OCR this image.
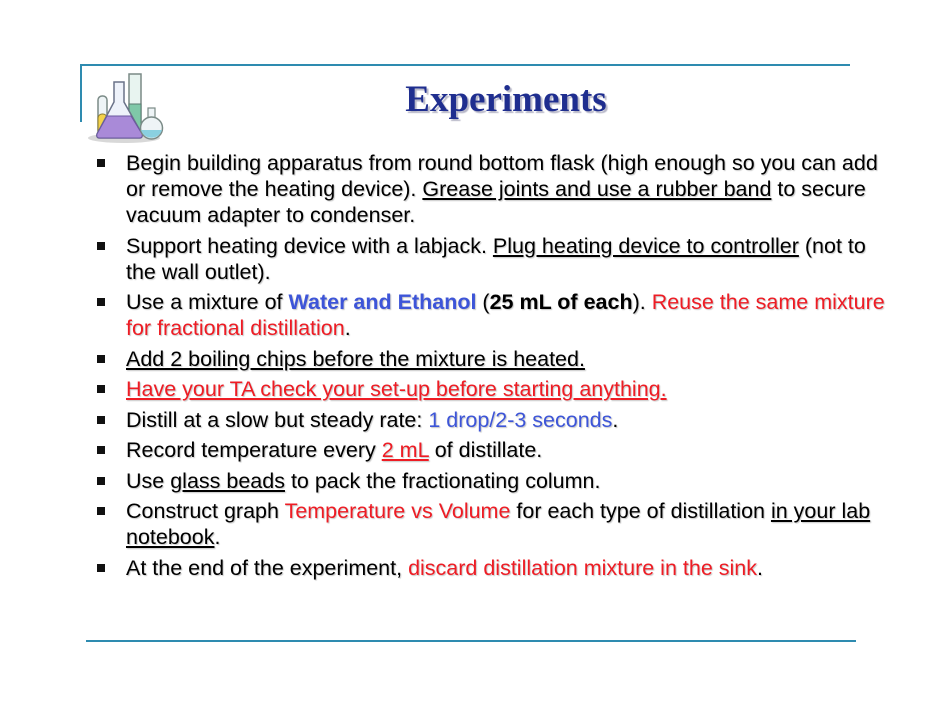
Experiments
Begin building apparatus from round bottom flask (high enough so you can add or remove the heating device). Grease joints and use a rubber band to secure vacuum adapter to condenser.
Support heating device with a labjack. Plug heating device to controller (not to the wall outlet).
Use a mixture of Water and Ethanol (25 mL of each). Reuse the same mixture for fractional distillation.
Add 2 boiling chips before the mixture is heated.
Have your TA check your set-up before starting anything.
Distill at a slow but steady rate: 1 drop/2-3 seconds.
Record temperature every 2 mL of distillate.
Use glass beads to pack the fractionating column.
Construct graph Temperature vs Volume for each type of distillation in your lab notebook.
At the end of the experiment, discard distillation mixture in the sink.
